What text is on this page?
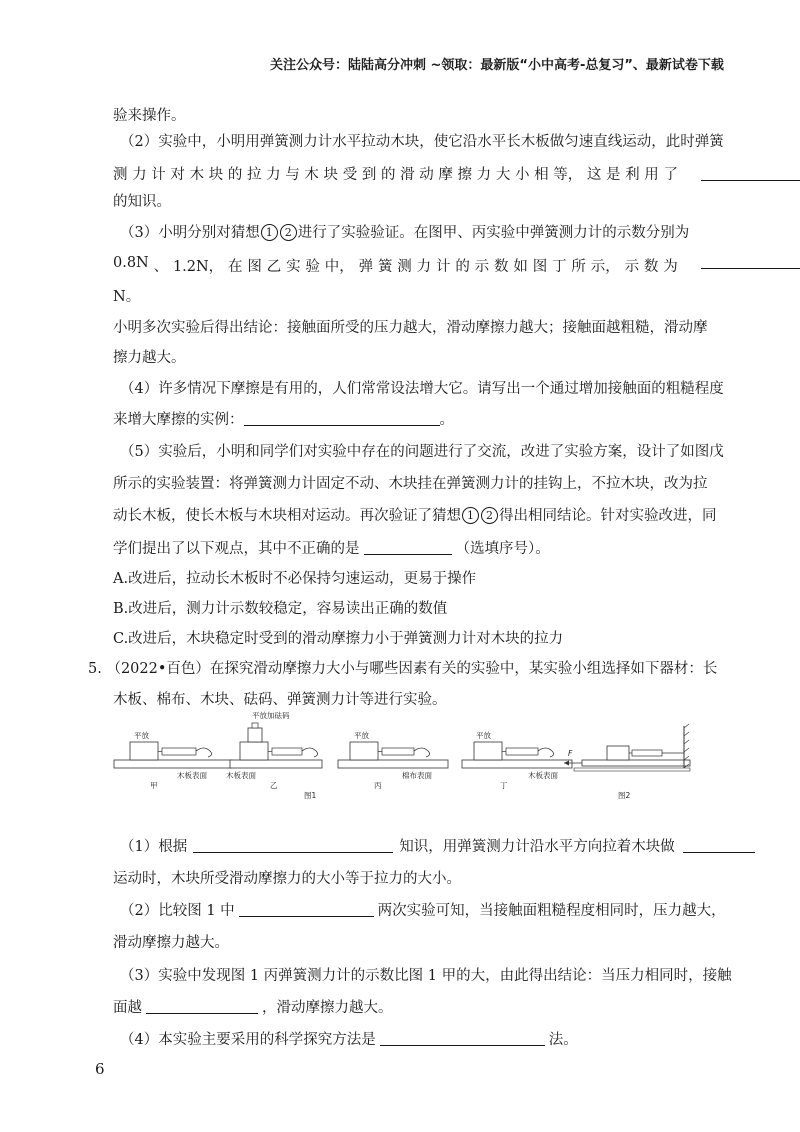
关注公众号：陆陆高分冲刺 ~领取：最新版“小中高考-总复习”、最新试卷下载
验来操作。
（2）实验中，小明用弹簧测力计水平拉动木块，使它沿水平长木板做匀速直线运动，此时弹簧
测 力 计 对 木 块 的 拉 力 与 木 块 受 到 的 滑 动 摩 擦 力 大 小 相 等， 这 是 利 用 了

的知识。
（3）小明分别对猜想 1 2 进行了实验验证。在图甲、丙实验中弹簧测力计的示数分别为
0.8N 、 1.2N， 在 图 乙 实 验 中， 弹 簧 测 力 计 的 示 数 如 图 丁 所 示， 示 数 为

N。
小明多次实验后得出结论：接触面所受的压力越大，滑动摩擦力越大；接触面越粗糙，滑动摩
擦力越大。
（4）许多情况下摩擦是有用的，人们常常设法增大它。请写出一个通过增加接触面的粗糙程度
来增大摩擦的实例：	。
（5）实验后，小明和同学们对实验中存在的问题进行了交流，改进了实验方案，设计了如图戊
所示的实验装置：将弹簧测力计固定不动、木块挂在弹簧测力计的挂钩上，不拉木块，改为拉
动长木板，使长木板与木块相对运动。再次验证了猜想 1 2 得出相同结论。针对实验改进，同
学们提出了以下观点，其中不正确的是	（选填序号）。
A.改进后，拉动长木板时不必保持匀速运动，更易于操作
B.改进后，测力计示数较稳定，容易读出正确的数值
C.改进后，木块稳定时受到的滑动摩擦力小于弹簧测力计对木块的拉力
5. （2022•百色）在探究滑动摩擦力大小与哪些因素有关的实验中，某实验小组选择如下器材：长
木板、棉布、木块、砝码、弹簧测力计等进行实验。
平放
木板表面
甲
平放加砝码
木板表面
乙
平放
棉布表面
丙
图1
平放
木板表面
丁
F
图2
（1）根据	知识，用弹簧测力计沿水平方向拉着木块做
运动时，木块所受滑动摩擦力的大小等于拉力的大小。
（2）比较图 1 中	两次实验可知，当接触面粗糙程度相同时，压力越大，
滑动摩擦力越大。
（3）实验中发现图 1 丙弹簧测力计的示数比图 1 甲的大，由此得出结论：当压力相同时，接触
面越	，滑动摩擦力越大。
（4）本实验主要采用的科学探究方法是	法。
6
